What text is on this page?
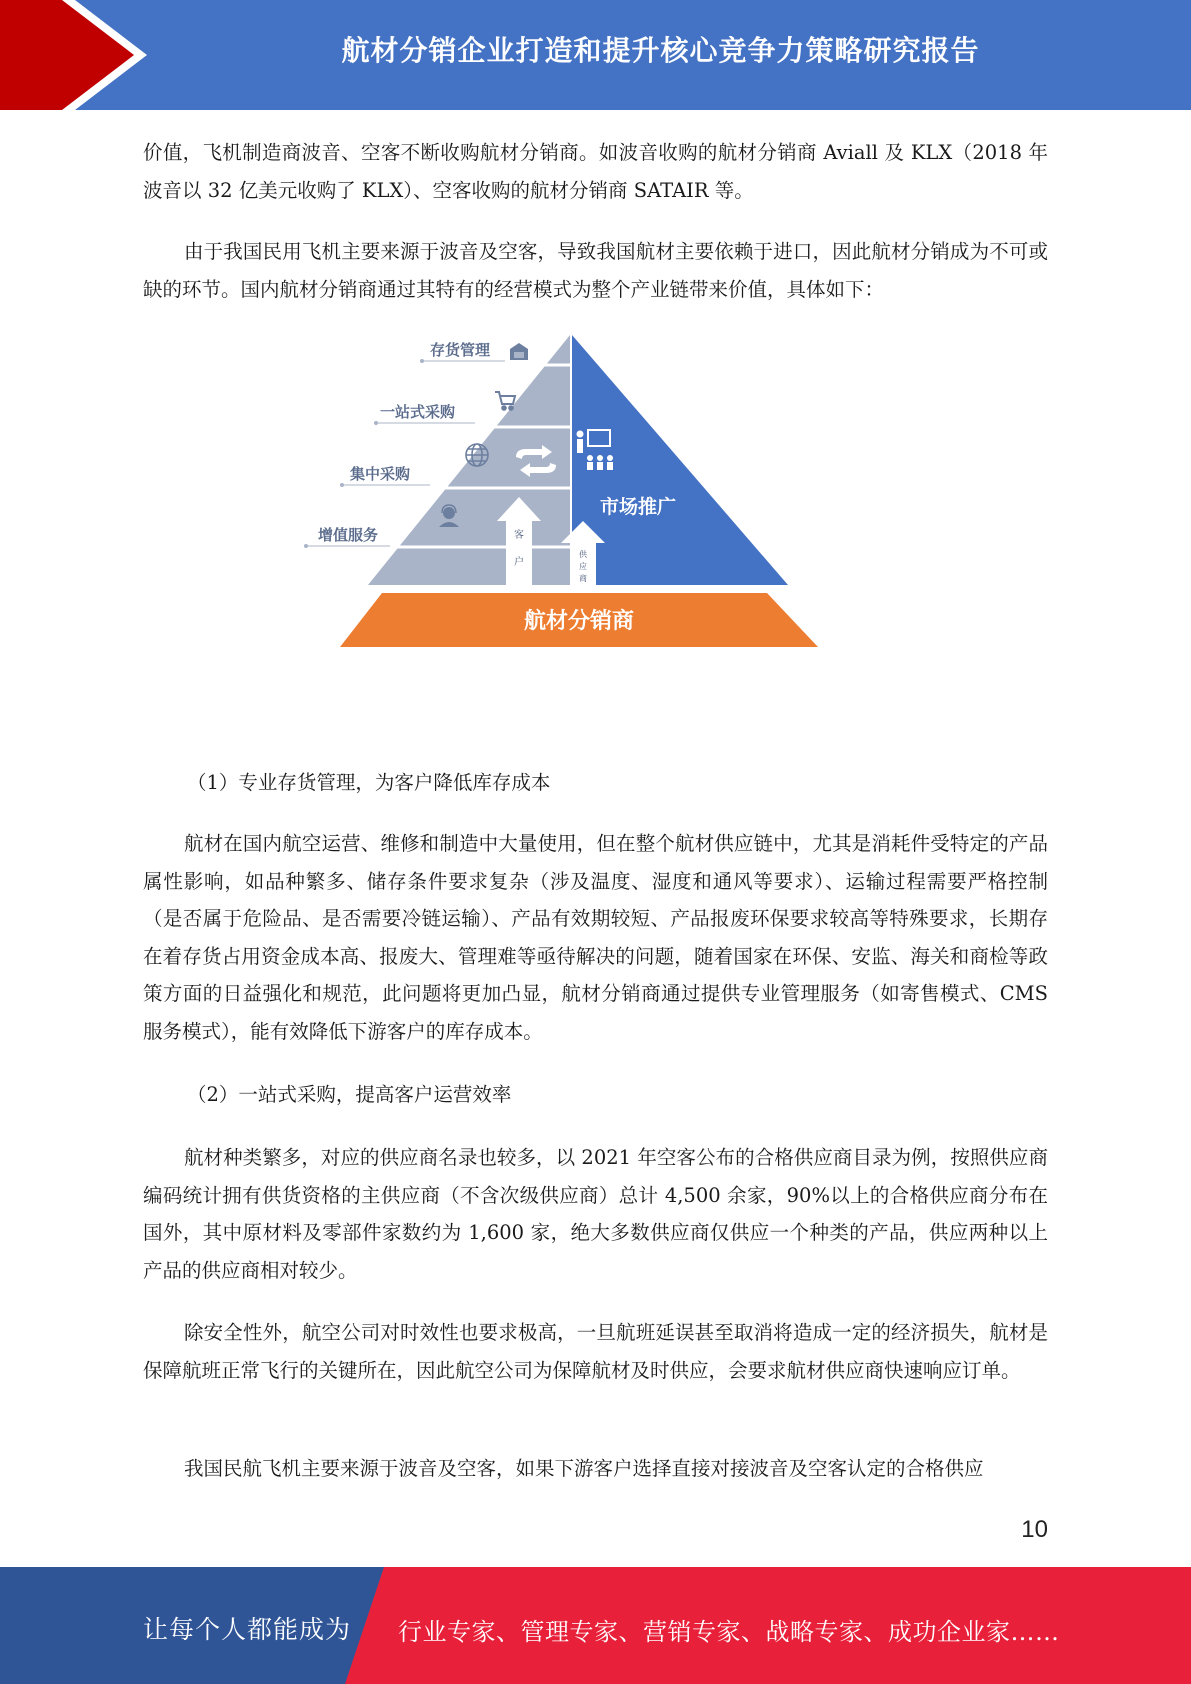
航材分销企业打造和提升核心竞争力策略研究报告

价值，飞机制造商波音、空客不断收购航材分销商。如波音收购的航材分销商 Aviall 及 KLX（2018 年波音以 32 亿美元收购了 KLX）、空客收购的航材分销商 SATAIR 等。

由于我国民用飞机主要来源于波音及空客，导致我国航材主要依赖于进口，因此航材分销成为不可或缺的环节。国内航材分销商通过其特有的经营模式为整个产业链带来价值，具体如下：

航材分销商
存货管理
一站式采购
集中采购
增值服务
市场推广
客
户
供
应
商

（1）专业存货管理，为客户降低库存成本

航材在国内航空运营、维修和制造中大量使用，但在整个航材供应链中，尤其是消耗件受特定的产品属性影响，如品种繁多、储存条件要求复杂（涉及温度、湿度和通风等要求）、运输过程需要严格控制（是否属于危险品、是否需要冷链运输）、产品有效期较短、产品报废环保要求较高等特殊要求，长期存在着存货占用资金成本高、报废大、管理难等亟待解决的问题，随着国家在环保、安监、海关和商检等政策方面的日益强化和规范，此问题将更加凸显，航材分销商通过提供专业管理服务（如寄售模式、CMS 服务模式），能有效降低下游客户的库存成本。

（2）一站式采购，提高客户运营效率

航材种类繁多，对应的供应商名录也较多，以 2021 年空客公布的合格供应商目录为例，按照供应商编码统计拥有供货资格的主供应商（不含次级供应商）总计 4,500 余家，90%以上的合格供应商分布在国外，其中原材料及零部件家数约为 1,600 家，绝大多数供应商仅供应一个种类的产品，供应两种以上产品的供应商相对较少。

除安全性外，航空公司对时效性也要求极高，一旦航班延误甚至取消将造成一定的经济损失，航材是保障航班正常飞行的关键所在，因此航空公司为保障航材及时供应，会要求航材供应商快速响应订单。

我国民航飞机主要来源于波音及空客，如果下游客户选择直接对接波音及空客认定的合格供应

10
让每个人都能成为 行业专家、管理专家、营销专家、战略专家、成功企业家……
